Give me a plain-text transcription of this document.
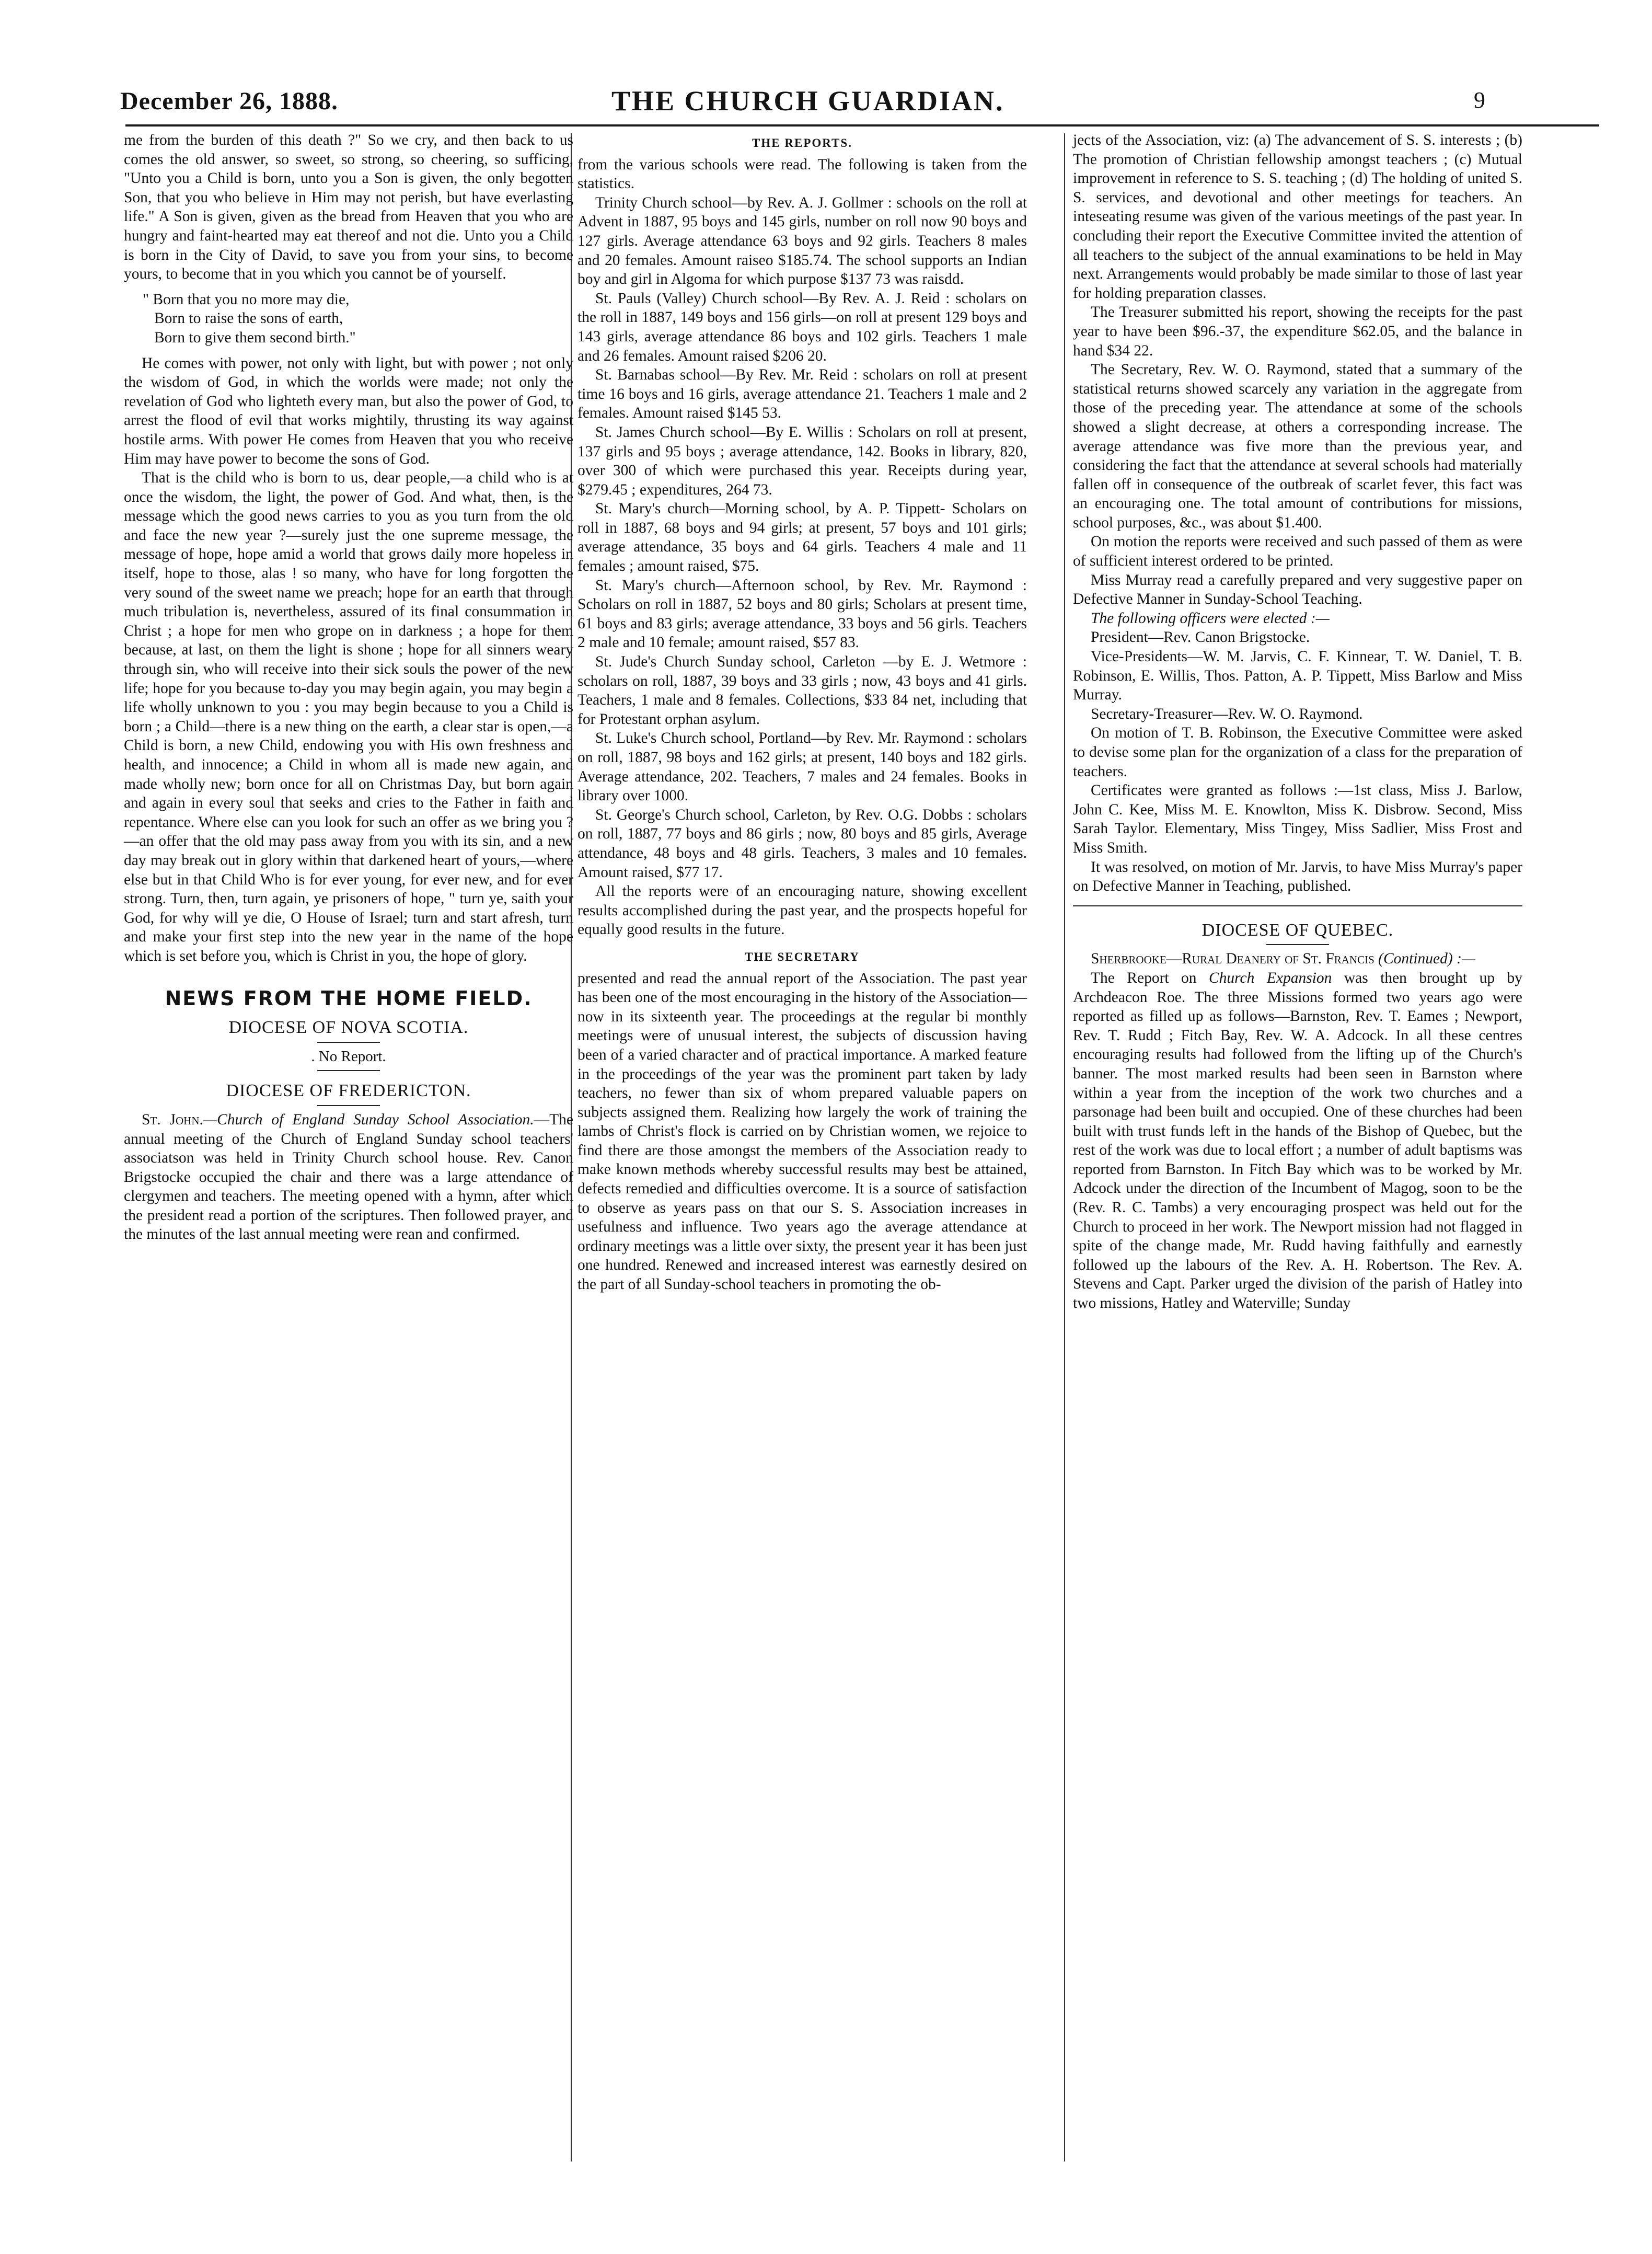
December 26, 1888.	THE CHURCH GUARDIAN.	9

me from the burden of this death ?" So we cry, and then back to us comes the old answer, so sweet, so strong, so cheering, so sufficing, "Unto you a Child is born, unto you a Son is given, the only begotten Son, that you who believe in Him may not perish, but have everlasting life." A Son is given, given as the bread from Heaven that you who are hungry and faint-hearted may eat thereof and not die. Unto you a Child is born in the City of David, to save you from your sins, to become yours, to become that in you which you cannot be of yourself.

" Born that you no more may die,
Born to raise the sons of earth,
Born to give them second birth."

He comes with power, not only with light, but with power ; not only the wisdom of God, in which the worlds were made; not only the revelation of God who lighteth every man, but also the power of God, to arrest the flood of evil that works mightily, thrusting its way against hostile arms. With power He comes from Heaven that you who receive Him may have power to become the sons of God.

That is the child who is born to us, dear people,—a child who is at once the wisdom, the light, the power of God. And what, then, is the message which the good news carries to you as you turn from the old and face the new year ?—surely just the one supreme message, the message of hope, hope amid a world that grows daily more hopeless in itself, hope to those, alas ! so many, who have for long forgotten the very sound of the sweet name we preach; hope for an earth that through much tribulation is, nevertheless, assured of its final consummation in Christ ; a hope for men who grope on in darkness ; a hope for them because, at last, on them the light is shone ; hope for all sinners weary through sin, who will receive into their sick souls the power of the new life; hope for you because to-day you may begin again, you may begin a life wholly unknown to you : you may begin because to you a Child is born ; a Child—there is a new thing on the earth, a clear star is open,—a Child is born, a new Child, endowing you with His own freshness and health, and innocence; a Child in whom all is made new again, and made wholly new; born once for all on Christmas Day, but born again and again in every soul that seeks and cries to the Father in faith and repentance. Where else can you look for such an offer as we bring you ?—an offer that the old may pass away from you with its sin, and a new day may break out in glory within that darkened heart of yours,—where else but in that Child Who is for ever young, for ever new, and for ever strong. Turn, then, turn again, ye prisoners of hope, " turn ye, saith your God, for why will ye die, O House of Israel; turn and start afresh, turn and make your first step into the new year in the name of the hope which is set before you, which is Christ in you, the hope of glory.

NEWS FROM THE HOME FIELD.
DIOCESE OF NOVA SCOTIA.
. No Report.
DIOCESE OF FREDERICTON.

St. John.—Church of England Sunday School Association.—The annual meeting of the Church of England Sunday school teachers' associatson was held in Trinity Church school house. Rev. Canon Brigstocke occupied the chair and there was a large attendance of clergymen and teachers. The meeting opened with a hymn, after which the president read a portion of the scriptures. Then followed prayer, and the minutes of the last annual meeting were rean and confirmed.

THE REPORTS.

from the various schools were read. The following is taken from the statistics.

Trinity Church school—by Rev. A. J. Gollmer : schools on the roll at Advent in 1887, 95 boys and 145 girls, number on roll now 90 boys and 127 girls. Average attendance 63 boys and 92 girls. Teachers 8 males and 20 females. Amount raiseo $185.74. The school supports an Indian boy and girl in Algoma for which purpose $137 73 was raisdd.

St. Pauls (Valley) Church school—By Rev. A. J. Reid : scholars on the roll in 1887, 149 boys and 156 girls—on roll at present 129 boys and 143 girls, average attendance 86 boys and 102 girls. Teachers 1 male and 26 females. Amount raised $206 20.

St. Barnabas school—By Rev. Mr. Reid : scholars on roll at present time 16 boys and 16 girls, average attendance 21. Teachers 1 male and 2 females. Amount raised $145 53.

St. James Church school—By E. Willis : Scholars on roll at present, 137 girls and 95 boys ; average attendance, 142. Books in library, 820, over 300 of which were purchased this year. Receipts during year, $279.45 ; expenditures, 264 73.

St. Mary's church—Morning school, by A. P. Tippett- Scholars on roll in 1887, 68 boys and 94 girls; at present, 57 boys and 101 girls; average attendance, 35 boys and 64 girls. Teachers 4 male and 11 females ; amount raised, $75.

St. Mary's church—Afternoon school, by Rev. Mr. Raymond : Scholars on roll in 1887, 52 boys and 80 girls; Scholars at present time, 61 boys and 83 girls; average attendance, 33 boys and 56 girls. Teachers 2 male and 10 female; amount raised, $57 83.

St. Jude's Church Sunday school, Carleton —by E. J. Wetmore : scholars on roll, 1887, 39 boys and 33 girls ; now, 43 boys and 41 girls. Teachers, 1 male and 8 females. Collections, $33 84 net, including that for Protestant orphan asylum.

St. Luke's Church school, Portland—by Rev. Mr. Raymond : scholars on roll, 1887, 98 boys and 162 girls; at present, 140 boys and 182 girls. Average attendance, 202. Teachers, 7 males and 24 females. Books in library over 1000.

St. George's Church school, Carleton, by Rev. O.G. Dobbs : scholars on roll, 1887, 77 boys and 86 girls ; now, 80 boys and 85 girls, Average attendance, 48 boys and 48 girls. Teachers, 3 males and 10 females. Amount raised, $77 17.

All the reports were of an encouraging nature, showing excellent results accomplished during the past year, and the prospects hopeful for equally good results in the future.

THE SECRETARY

presented and read the annual report of the Association. The past year has been one of the most encouraging in the history of the Association—now in its sixteenth year. The proceedings at the regular bi monthly meetings were of unusual interest, the subjects of discussion having been of a varied character and of practical importance. A marked feature in the proceedings of the year was the prominent part taken by lady teachers, no fewer than six of whom prepared valuable papers on subjects assigned them. Realizing how largely the work of training the lambs of Christ's flock is carried on by Christian women, we rejoice to find there are those amongst the members of the Association ready to make known methods whereby successful results may best be attained, defects remedied and difficulties overcome. It is a source of satisfaction to observe as years pass on that our S. S. Association increases in usefulness and influence. Two years ago the average attendance at ordinary meetings was a little over sixty, the present year it has been just one hundred. Renewed and increased interest was earnestly desired on the part of all Sunday-school teachers in promoting the ob-

jects of the Association, viz: (a) The advancement of S. S. interests ; (b) The promotion of Christian fellowship amongst teachers ; (c) Mutual improvement in reference to S. S. teaching ; (d) The holding of united S. S. services, and devotional and other meetings for teachers. An inteseating resume was given of the various meetings of the past year. In concluding their report the Executive Committee invited the attention of all teachers to the subject of the annual examinations to be held in May next. Arrangements would probably be made similar to those of last year for holding preparation classes.

The Treasurer submitted his report, showing the receipts for the past year to have been $96.-37, the expenditure $62.05, and the balance in hand $34 22.

The Secretary, Rev. W. O. Raymond, stated that a summary of the statistical returns showed scarcely any variation in the aggregate from those of the preceding year. The attendance at some of the schools showed a slight decrease, at others a corresponding increase. The average attendance was five more than the previous year, and considering the fact that the attendance at several schools had materially fallen off in consequence of the outbreak of scarlet fever, this fact was an encouraging one. The total amount of contributions for missions, school purposes, &c., was about $1.400.

On motion the reports were received and such passed of them as were of sufficient interest ordered to be printed.

Miss Murray read a carefully prepared and very suggestive paper on Defective Manner in Sunday-School Teaching.

The following officers were elected :—

President—Rev. Canon Brigstocke.

Vice-Presidents—W. M. Jarvis, C. F. Kinnear, T. W. Daniel, T. B. Robinson, E. Willis, Thos. Patton, A. P. Tippett, Miss Barlow and Miss Murray.

Secretary-Treasurer—Rev. W. O. Raymond.

On motion of T. B. Robinson, the Executive Committee were asked to devise some plan for the organization of a class for the preparation of teachers.

Certificates were granted as follows :—1st class, Miss J. Barlow, John C. Kee, Miss M. E. Knowlton, Miss K. Disbrow. Second, Miss Sarah Taylor. Elementary, Miss Tingey, Miss Sadlier, Miss Frost and Miss Smith.

It was resolved, on motion of Mr. Jarvis, to have Miss Murray's paper on Defective Manner in Teaching, published.

DIOCESE OF QUEBEC.

Sherbrooke—Rural Deanery of St. Francis (Continued) :—

The Report on Church Expansion was then brought up by Archdeacon Roe. The three Missions formed two years ago were reported as filled up as follows—Barnston, Rev. T. Eames ; Newport, Rev. T. Rudd ; Fitch Bay, Rev. W. A. Adcock. In all these centres encouraging results had followed from the lifting up of the Church's banner. The most marked results had been seen in Barnston where within a year from the inception of the work two churches and a parsonage had been built and occupied. One of these churches had been built with trust funds left in the hands of the Bishop of Quebec, but the rest of the work was due to local effort ; a number of adult baptisms was reported from Barnston. In Fitch Bay which was to be worked by Mr. Adcock under the direction of the Incumbent of Magog, soon to be the (Rev. R. C. Tambs) a very encouraging prospect was held out for the Church to proceed in her work. The Newport mission had not flagged in spite of the change made, Mr. Rudd having faithfully and earnestly followed up the labours of the Rev. A. H. Robertson. The Rev. A. Stevens and Capt. Parker urged the division of the parish of Hatley into two missions, Hatley and Waterville; Sunday
